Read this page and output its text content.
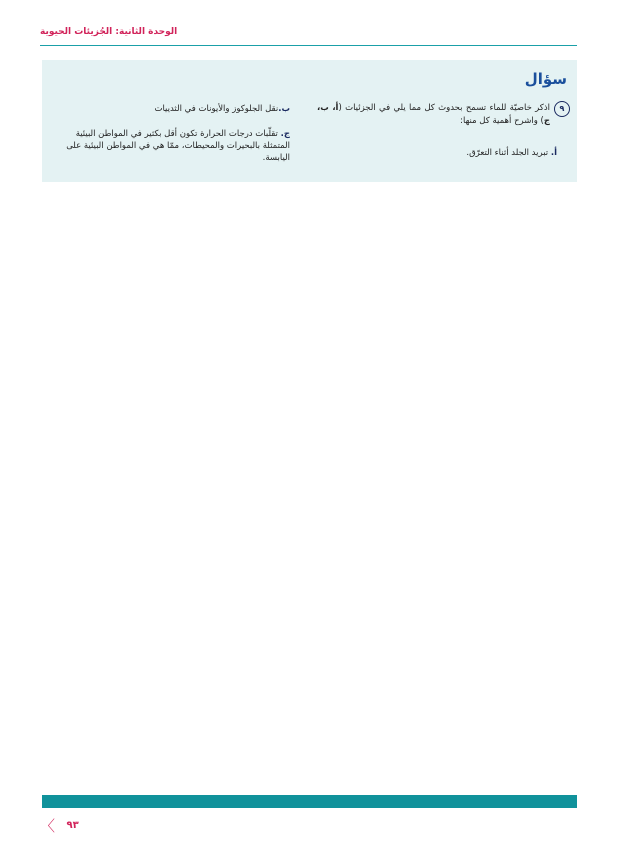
الوحدة الثانية: الجُزيئات الحيوية
سؤال
٩
اذكر خاصيّة للماء تسمح بحدوث كل مما يلي في الجزئيات (أ، ب، ج) واشرح أهمية كل منها:
أ. تبريد الجلد أثناء التعرّق.
ب.نقل الجلوكوز والأيونات في الثدييات
ج. تقلّبات درجات الحرارة تكون أقل بكثير في المواطن البيئية المتمثلة بالبحيرات والمحيطات، ممّا هي في المواطن البيئية على اليابسة.
〈 ٩٣
